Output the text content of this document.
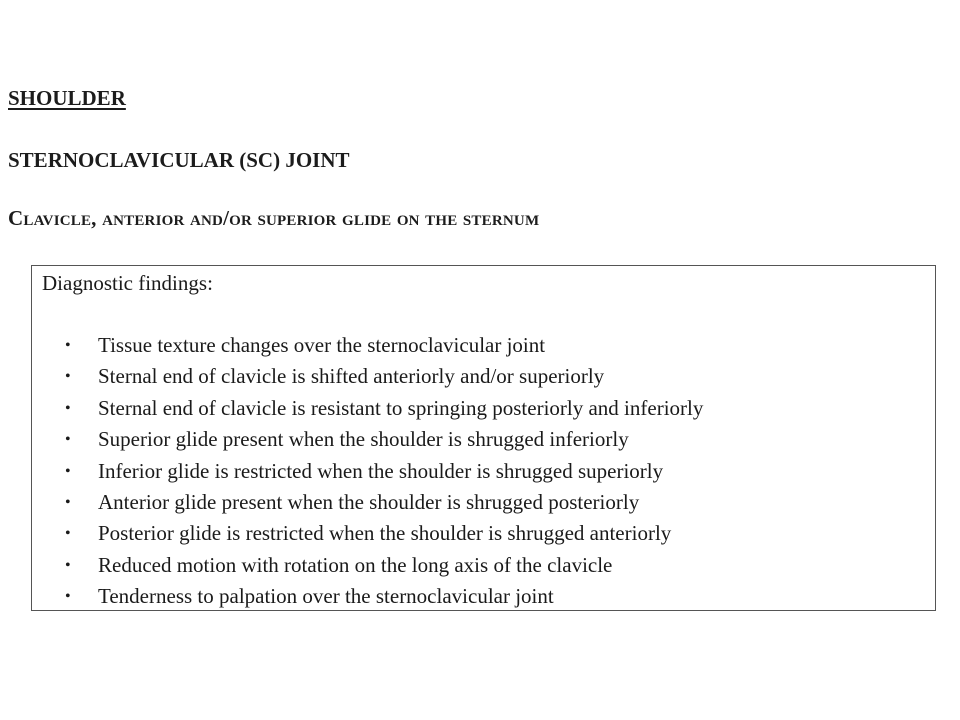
SHOULDER
STERNOCLAVICULAR (SC) JOINT
Clavicle, anterior and/or superior glide on the sternum

Diagnostic findings:

• Tissue texture changes over the sternoclavicular joint
• Sternal end of clavicle is shifted anteriorly and/or superiorly
• Sternal end of clavicle is resistant to springing posteriorly and inferiorly
• Superior glide present when the shoulder is shrugged inferiorly
• Inferior glide is restricted when the shoulder is shrugged superiorly
• Anterior glide present when the shoulder is shrugged posteriorly
• Posterior glide is restricted when the shoulder is shrugged anteriorly
• Reduced motion with rotation on the long axis of the clavicle
• Tenderness to palpation over the sternoclavicular joint
